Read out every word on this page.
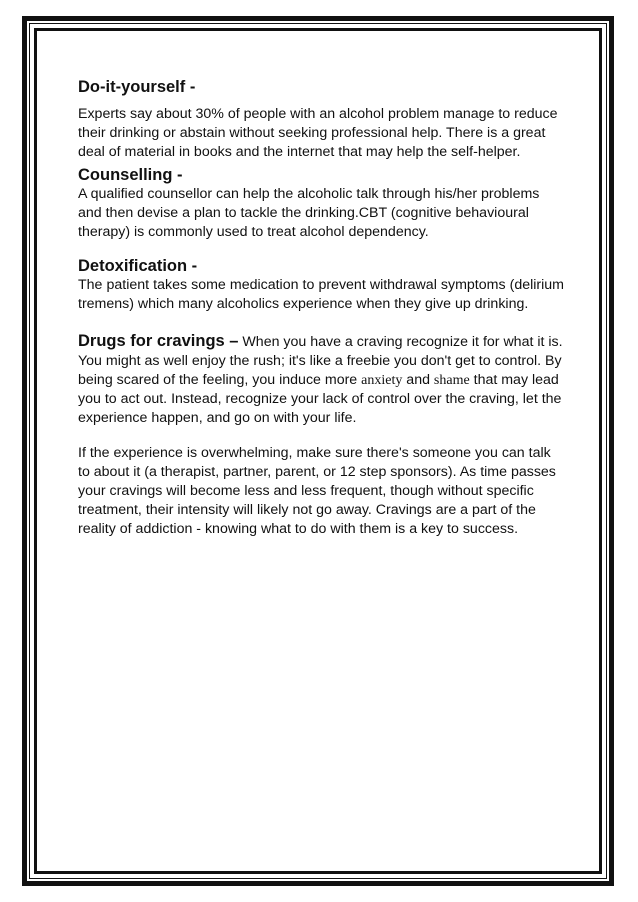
Do-it-yourself -

Experts say about 30% of people with an alcohol problem manage to reduce their drinking or abstain without seeking professional help. There is a great deal of material in books and the internet that may help the self-helper.

Counselling -

A qualified counsellor can help the alcoholic talk through his/her problems and then devise a plan to tackle the drinking.CBT (cognitive behavioural therapy) is commonly used to treat alcohol dependency.

Detoxification -

The patient takes some medication to prevent withdrawal symptoms (delirium tremens) which many alcoholics experience when they give up drinking.

Drugs for cravings – When you have a craving recognize it for what it is. You might as well enjoy the rush; it's like a freebie you don't get to control. By being scared of the feeling, you induce more anxiety and shame that may lead you to act out. Instead, recognize your lack of control over the craving, let the experience happen, and go on with your life.

If the experience is overwhelming, make sure there's someone you can talk to about it (a therapist, partner, parent, or 12 step sponsors). As time passes your cravings will become less and less frequent, though without specific treatment, their intensity will likely not go away. Cravings are a part of the reality of addiction - knowing what to do with them is a key to success.
